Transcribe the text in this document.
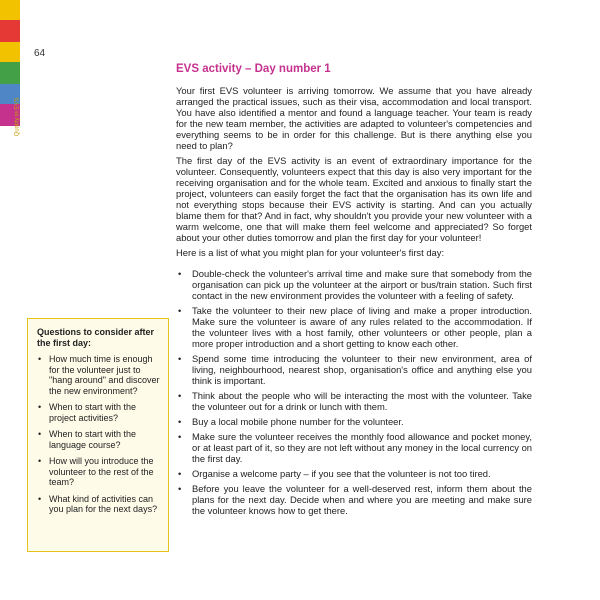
64
Quality in EVS
EVS activity – Day number 1

Your first EVS volunteer is arriving tomorrow. We assume that you have already arranged the practical issues, such as their visa, accommodation and local transport. You have also identified a mentor and found a language teacher. Your team is ready for the new team member, the activities are adapted to volunteer's competencies and everything seems to be in order for this challenge. But is there anything else you need to plan?

The first day of the EVS activity is an event of extraordinary importance for the volunteer. Consequently, volunteers expect that this day is also very important for the receiving organisation and for the whole team. Excited and anxious to finally start the project, volunteers can easily forget the fact that the organisation has its own life and not everything stops because their EVS activity is starting. And can you actually blame them for that? And in fact, why shouldn't you provide your new volunteer with a warm welcome, one that will make them feel welcome and appreciated? So forget about your other duties tomorrow and plan the first day for your volunteer!

Here is a list of what you might plan for your volunteer's first day:

• Double-check the volunteer's arrival time and make sure that somebody from the organisation can pick up the volunteer at the airport or bus/train station. Such first contact in the new environment provides the volunteer with a feeling of safety.
• Take the volunteer to their new place of living and make a proper introduction. Make sure the volunteer is aware of any rules related to the accommodation. If the volunteer lives with a host family, other volunteers or other people, plan a more proper introduction and a short getting to know each other.
• Spend some time introducing the volunteer to their new environment, area of living, neighbourhood, nearest shop, organisation's office and anything else you think is important.
• Think about the people who will be interacting the most with the volunteer. Take the volunteer out for a drink or lunch with them.
• Buy a local mobile phone number for the volunteer.
• Make sure the volunteer receives the monthly food allowance and pocket money, or at least part of it, so they are not left without any money in the local currency on the first day.
• Organise a welcome party – if you see that the volunteer is not too tired.
• Before you leave the volunteer for a well-deserved rest, inform them about the plans for the next day. Decide when and where you are meeting and make sure the volunteer knows how to get there.
Questions to consider after the first day:
• How much time is enough for the volunteer just to "hang around" and discover the new environment?
• When to start with the project activities?
• When to start with the language course?
• How will you introduce the volunteer to the rest of the team?
• What kind of activities can you plan for the next days?
